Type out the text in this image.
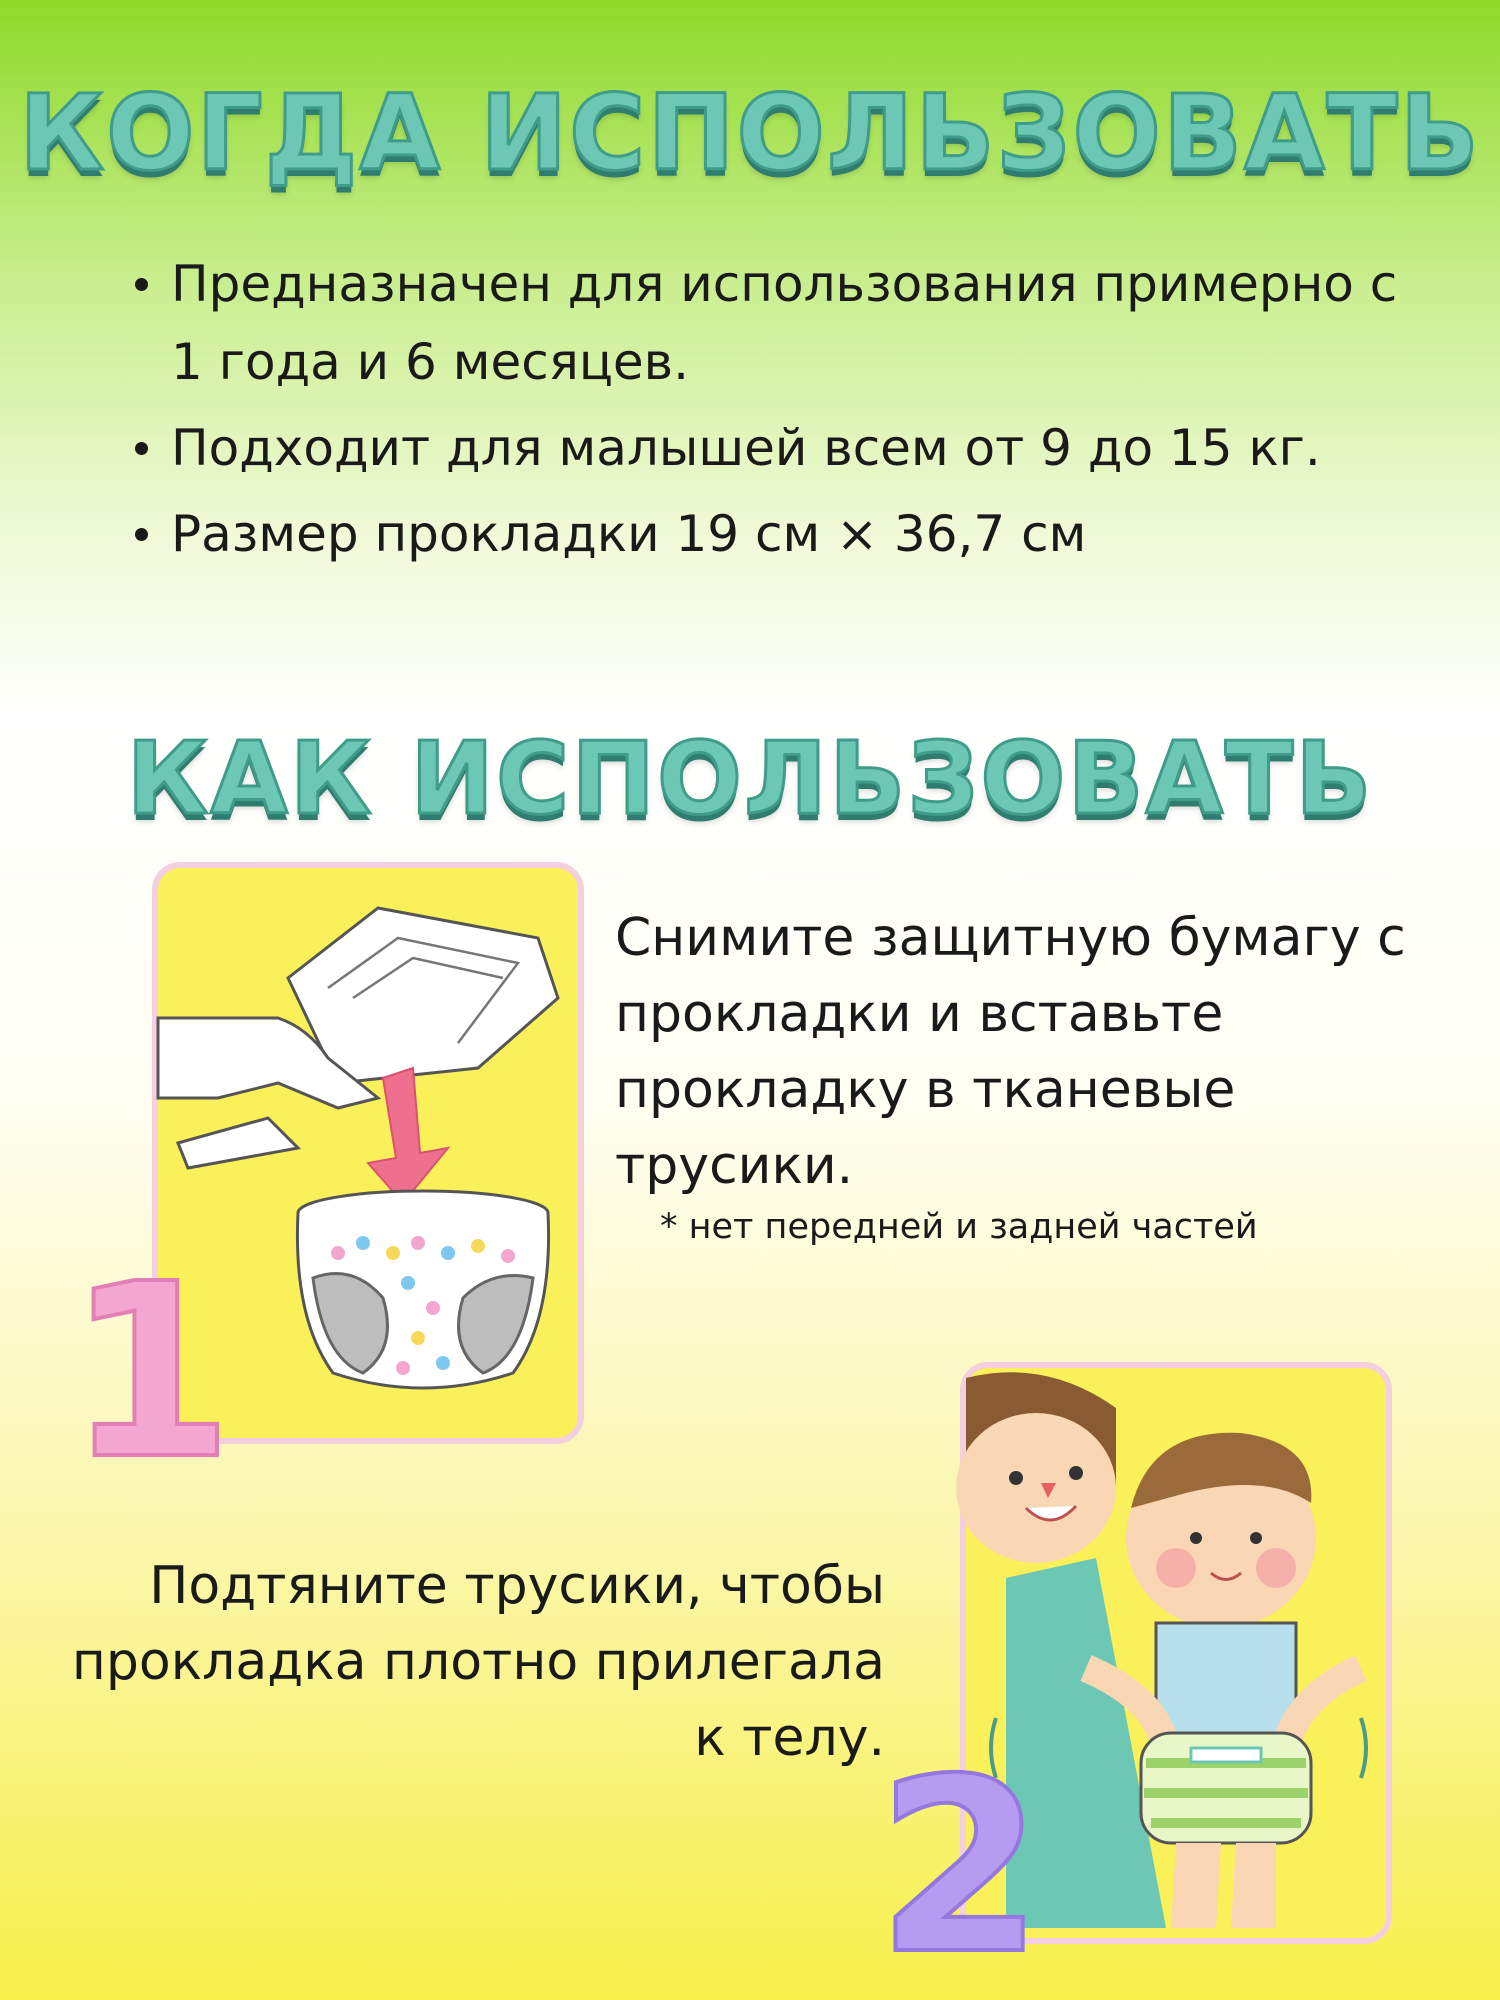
КОГДА ИСПОЛЬЗОВАТЬ
Предназначен для использования примерно с 1 года и 6 месяцев.
Подходит для малышей всем от 9 до 15 кг.
Размер прокладки 19 см × 36,7 см
КАК ИСПОЛЬЗОВАТЬ
Снимите защитную бумагу с прокладки и вставьте прокладку в тканевые трусики.
* нет передней и задней частей
Подтяните трусики, чтобы прокладка плотно прилегала к телу.
1
2
